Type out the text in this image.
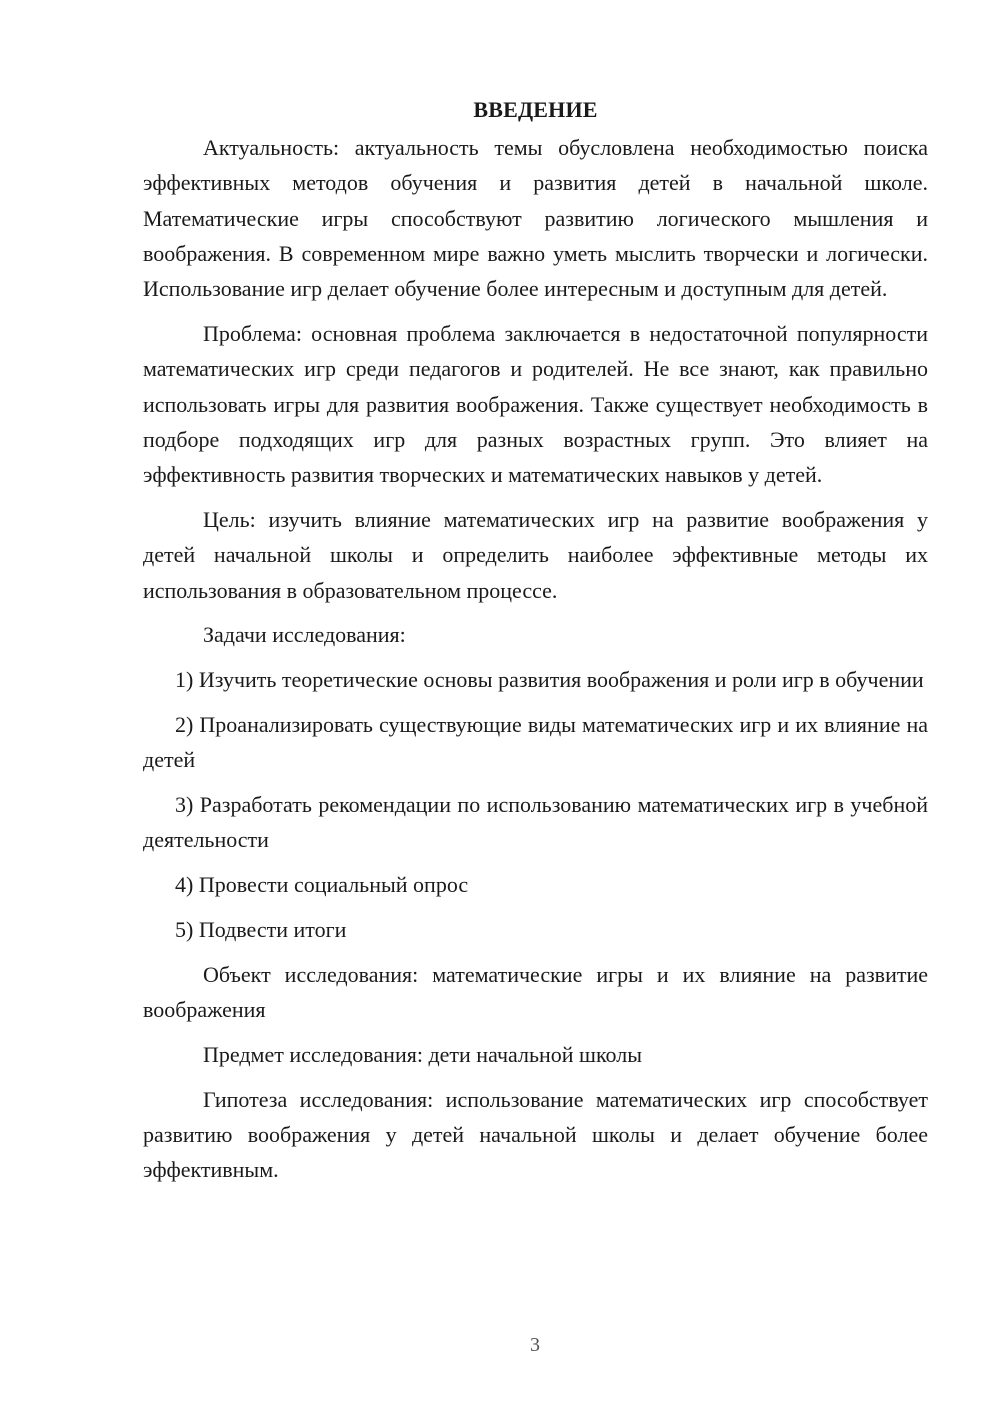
ВВЕДЕНИЕ

Актуальность: актуальность темы обусловлена необходимостью поиска эффективных методов обучения и развития детей в начальной школе. Математические игры способствуют развитию логического мышления и воображения. В современном мире важно уметь мыслить творчески и логически. Использование игр делает обучение более интересным и доступным для детей.

Проблема: основная проблема заключается в недостаточной популярности математических игр среди педагогов и родителей. Не все знают, как правильно использовать игры для развития воображения. Также существует необходимость в подборе подходящих игр для разных возрастных групп. Это влияет на эффективность развития творческих и математических навыков у детей.

Цель: изучить влияние математических игр на развитие воображения у детей начальной школы и определить наиболее эффективные методы их использования в образовательном процессе.

Задачи исследования:

1) Изучить теоретические основы развития воображения и роли игр в обучении

2) Проанализировать существующие виды математических игр и их влияние на детей

3) Разработать рекомендации по использованию математических игр в учебной деятельности

4) Провести социальный опрос

5) Подвести итоги

Объект исследования: математические игры и их влияние на развитие воображения

Предмет исследования: дети начальной школы

Гипотеза исследования: использование математических игр способствует развитию воображения у детей начальной школы и делает обучение более эффективным.

3
